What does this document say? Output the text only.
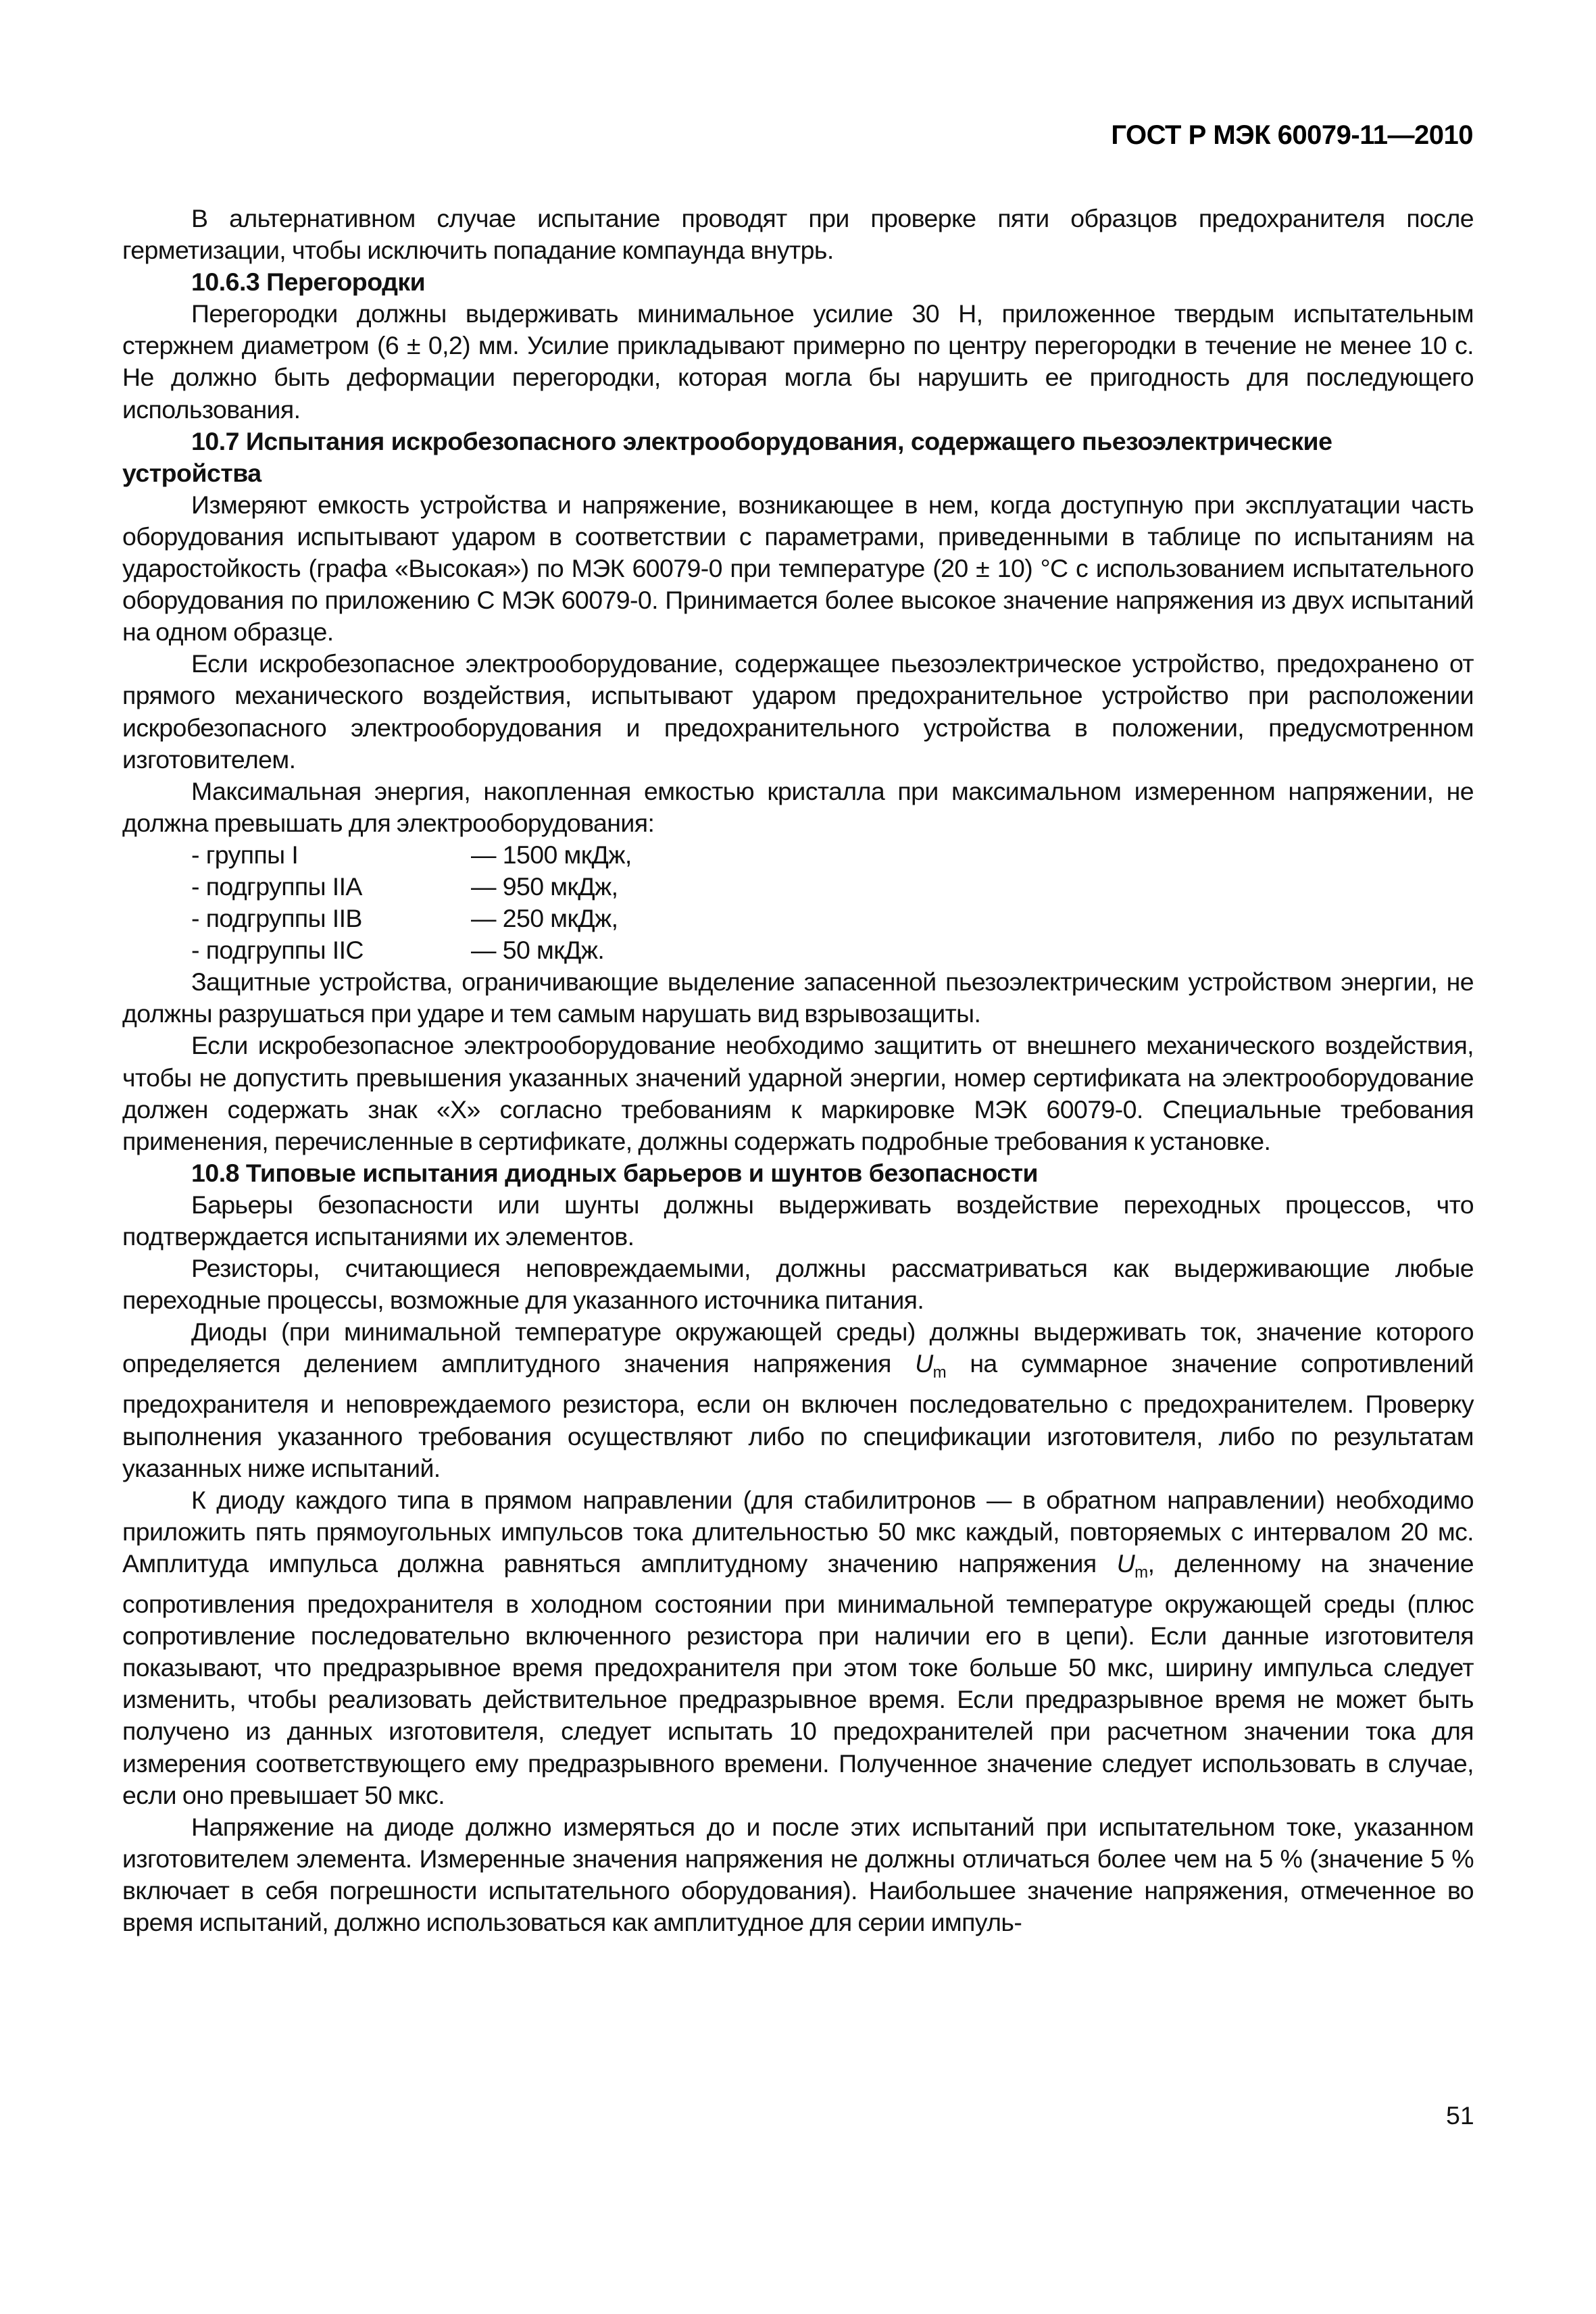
ГОСТ Р МЭК 60079-11—2010

В альтернативном случае испытание проводят при проверке пяти образцов предохранителя после герметизации, чтобы исключить попадание компаунда внутрь.

10.6.3 Перегородки

Перегородки должны выдерживать минимальное усилие 30 Н, приложенное твердым испытательным стержнем диаметром (6 ± 0,2) мм. Усилие прикладывают примерно по центру перегородки в течение не менее 10 с. Не должно быть деформации перегородки, которая могла бы нарушить ее пригодность для последующего использования.

10.7 Испытания искробезопасного электрооборудования, содержащего пьезоэлектрические устройства

Измеряют емкость устройства и напряжение, возникающее в нем, когда доступную при эксплуатации часть оборудования испытывают ударом в соответствии с параметрами, приведенными в таблице по испытаниям на ударостойкость (графа «Высокая») по МЭК 60079-0 при температуре (20 ± 10) °С с использованием испытательного оборудования по приложению С МЭК 60079-0. Принимается более высокое значение напряжения из двух испытаний на одном образце.

Если искробезопасное электрооборудование, содержащее пьезоэлектрическое устройство, предохранено от прямого механического воздействия, испытывают ударом предохранительное устройство при расположении искробезопасного электрооборудования и предохранительного устройства в положении, предусмотренном изготовителем.

Максимальная энергия, накопленная емкостью кристалла при максимальном измеренном напряжении, не должна превышать для электрооборудования:

- группы I	— 1500 мкДж,
- подгруппы IIA	— 950 мкДж,
- подгруппы IIB	— 250 мкДж,
- подгруппы IIC	— 50 мкДж.

Защитные устройства, ограничивающие выделение запасенной пьезоэлектрическим устройством энергии, не должны разрушаться при ударе и тем самым нарушать вид взрывозащиты.

Если искробезопасное электрооборудование необходимо защитить от внешнего механического воздействия, чтобы не допустить превышения указанных значений ударной энергии, номер сертификата на электрооборудование должен содержать знак «Х» согласно требованиям к маркировке МЭК 60079-0. Специальные требования применения, перечисленные в сертификате, должны содержать подробные требования к установке.

10.8 Типовые испытания диодных барьеров и шунтов безопасности

Барьеры безопасности или шунты должны выдерживать воздействие переходных процессов, что подтверждается испытаниями их элементов.

Резисторы, считающиеся неповреждаемыми, должны рассматриваться как выдерживающие любые переходные процессы, возможные для указанного источника питания.

Диоды (при минимальной температуре окружающей среды) должны выдерживать ток, значение которого определяется делением амплитудного значения напряжения $U_m$ на суммарное значение сопротивлений предохранителя и неповреждаемого резистора, если он включен последовательно с предохранителем. Проверку выполнения указанного требования осуществляют либо по спецификации изготовителя, либо по результатам указанных ниже испытаний.

К диоду каждого типа в прямом направлении (для стабилитронов — в обратном направлении) необходимо приложить пять прямоугольных импульсов тока длительностью 50 мкс каждый, повторяемых с интервалом 20 мс. Амплитуда импульса должна равняться амплитудному значению напряжения $U_m$, деленному на значение сопротивления предохранителя в холодном состоянии при минимальной температуре окружающей среды (плюс сопротивление последовательно включенного резистора при наличии его в цепи). Если данные изготовителя показывают, что предразрывное время предохранителя при этом токе больше 50 мкс, ширину импульса следует изменить, чтобы реализовать действительное предразрывное время. Если предразрывное время не может быть получено из данных изготовителя, следует испытать 10 предохранителей при расчетном значении тока для измерения соответствующего ему предразрывного времени. Полученное значение следует использовать в случае, если оно превышает 50 мкс.

Напряжение на диоде должно измеряться до и после этих испытаний при испытательном токе, указанном изготовителем элемента. Измеренные значения напряжения не должны отличаться более чем на 5 % (значение 5 % включает в себя погрешности испытательного оборудования). Наибольшее значение напряжения, отмеченное во время испытаний, должно использоваться как амплитудное для серии импуль-

51
